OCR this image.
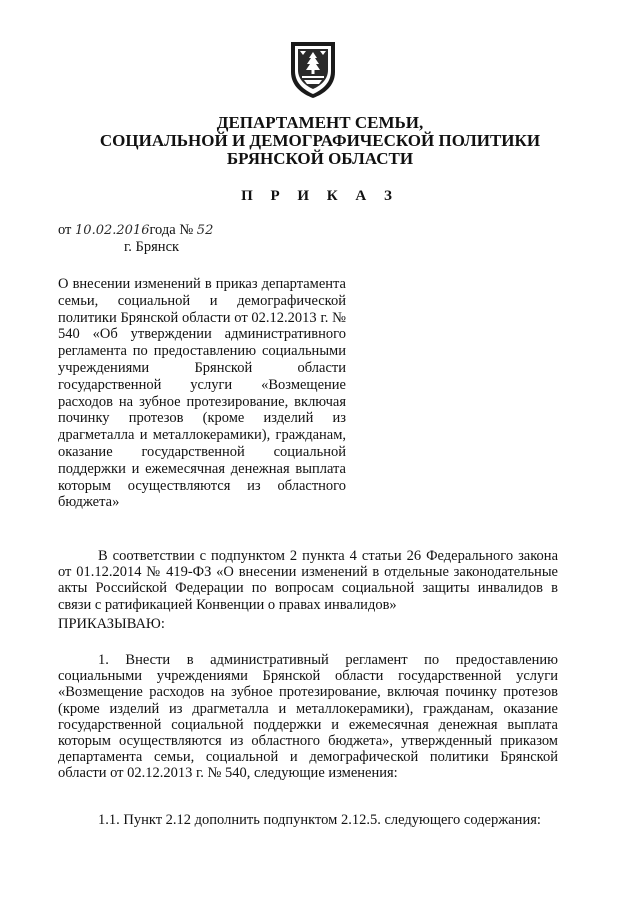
ДЕПАРТАМЕНТ СЕМЬИ,
СОЦИАЛЬНОЙ И ДЕМОГРАФИЧЕСКОЙ ПОЛИТИКИ
БРЯНСКОЙ ОБЛАСТИ
П Р И К А З
от 10.02.2016года № 52
г. Брянск
О внесении изменений в приказ департамента семьи, социальной и демографической политики Брянской области от 02.12.2013 г. № 540 «Об утверждении административного регламента по предоставлению социальными учреждениями Брянской области государственной услуги «Возмещение расходов на зубное протезирование, включая починку протезов (кроме изделий из драгметалла и металлокерамики), гражданам, оказание государственной социальной поддержки и ежемесячная денежная выплата которым осуществляются из областного бюджета»
В соответствии с подпунктом 2 пункта 4 статьи 26 Федерального закона от 01.12.2014 № 419-ФЗ «О внесении изменений в отдельные законодательные акты Российской Федерации по вопросам социальной защиты инвалидов в связи с ратификацией Конвенции о правах инвалидов»
ПРИКАЗЫВАЮ:
1. Внести в административный регламент по предоставлению социальными учреждениями Брянской области государственной услуги «Возмещение расходов на зубное протезирование, включая починку протезов (кроме изделий из драгметалла и металлокерамики), гражданам, оказание государственной социальной поддержки и ежемесячная денежная выплата которым осуществляются из областного бюджета», утвержденный приказом департамента семьи, социальной и демографической политики Брянской области от 02.12.2013 г. № 540, следующие изменения:
1.1. Пункт 2.12 дополнить подпунктом 2.12.5. следующего содержания:
